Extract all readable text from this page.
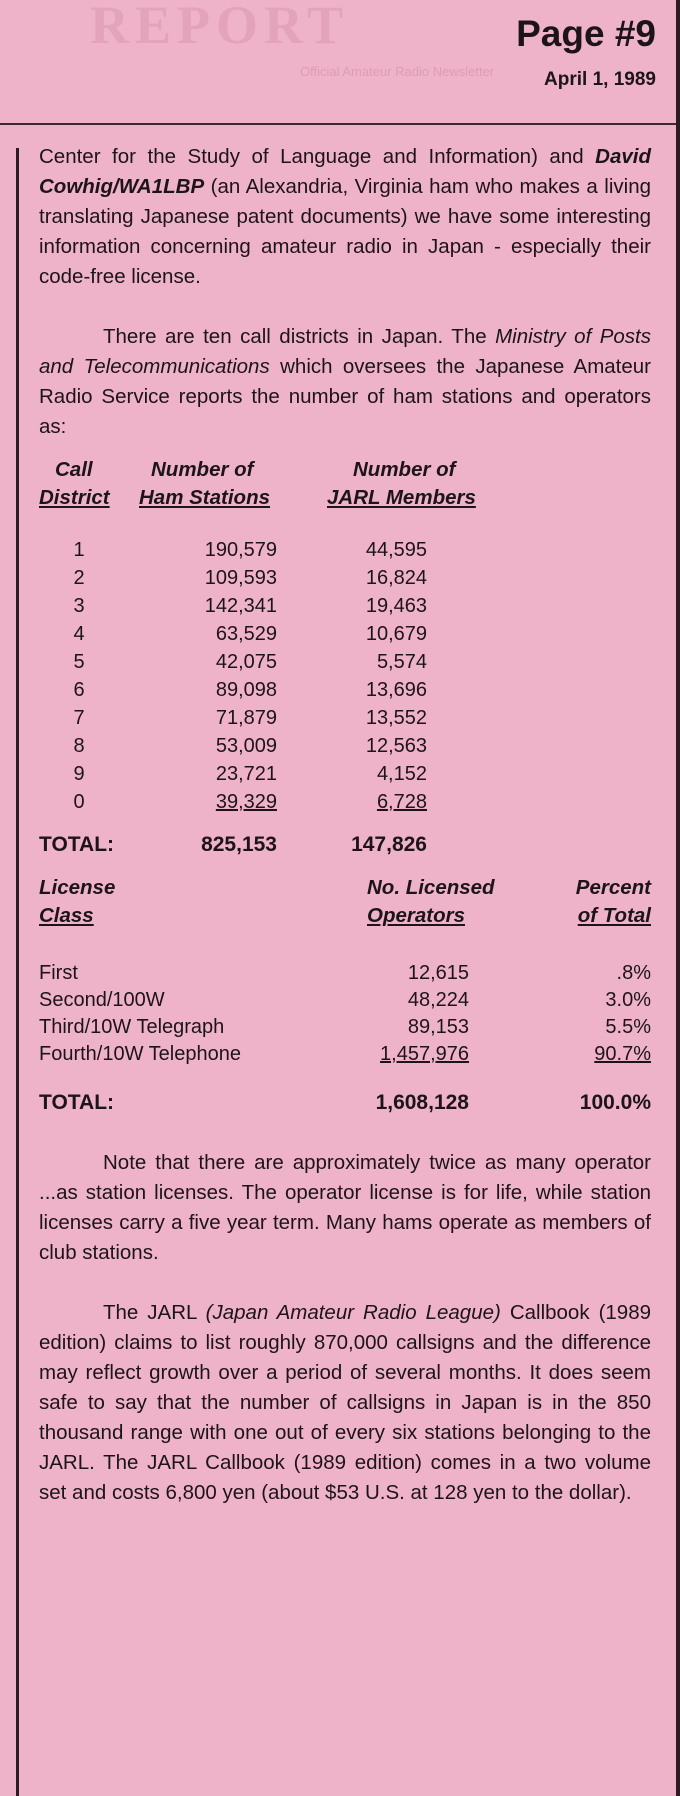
REPORT
Official Amateur Radio Newsletter
Page #9
April 1, 1989

Center for the Study of Language and Information) and David Cowhig/WA1LBP (an Alexandria, Virginia ham who makes a living translating Japanese patent documents) we have some interesting information concerning amateur radio in Japan - especially their code-free license.

There are ten call districts in Japan. The Ministry of Posts and Telecommunications which oversees the Japanese Amateur Radio Service reports the number of ham stations and operators as:

Call
District
Number of
Ham Stations
Number of
JARL Members
1	190,579	44,595
2	109,593	16,824
3	142,341	19,463
4	63,529	10,679
5	42,075	5,574
6	89,098	13,696
7	71,879	13,552
8	53,009	12,563
9	23,721	4,152
0	39,329	6,728
TOTAL:	825,153	147,826
License
Class
No. Licensed
Operators
Percent
of Total
First	12,615	.8%
Second/100W	48,224	3.0%
Third/10W Telegraph	89,153	5.5%
Fourth/10W Telephone	1,457,976	90.7%
TOTAL:	1,608,128	100.0%

Note that there are approximately twice as many operator ...as station licenses. The operator license is for life, while station licenses carry a five year term. Many hams operate as members of club stations.

The JARL (Japan Amateur Radio League) Callbook (1989 edition) claims to list roughly 870,000 callsigns and the difference may reflect growth over a period of several months. It does seem safe to say that the number of callsigns in Japan is in the 850 thousand range with one out of every six stations belonging to the JARL. The JARL Callbook (1989 edition) comes in a two volume set and costs 6,800 yen (about $53 U.S. at 128 yen to the dollar).
